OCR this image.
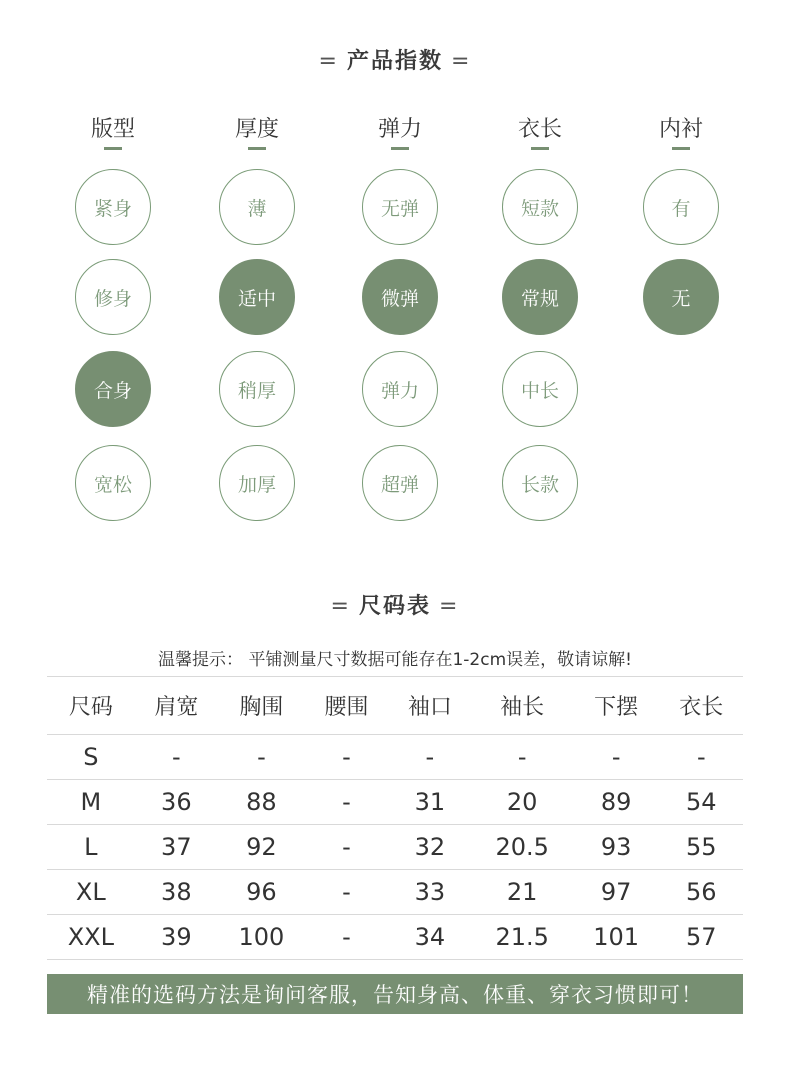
= 产品指数 =
版型
紧身
修身
合身
宽松
厚度
薄
适中
稍厚
加厚
弹力
无弹
微弹
弹力
超弹
衣长
短款
常规
中长
长款
内衬
有
无
= 尺码表 =
温馨提示： 平铺测量尺寸数据可能存在1-2cm误差，敬请谅解!
尺码	肩宽	胸围	腰围	袖口	袖长	下摆	衣长
S	-	-	-	-	-	-	-
M	36	88	-	31	20	89	54
L	37	92	-	32	20.5	93	55
XL	38	96	-	33	21	97	56
XXL	39	100	-	34	21.5	101	57
精准的选码方法是询问客服，告知身高、体重、穿衣习惯即可！
